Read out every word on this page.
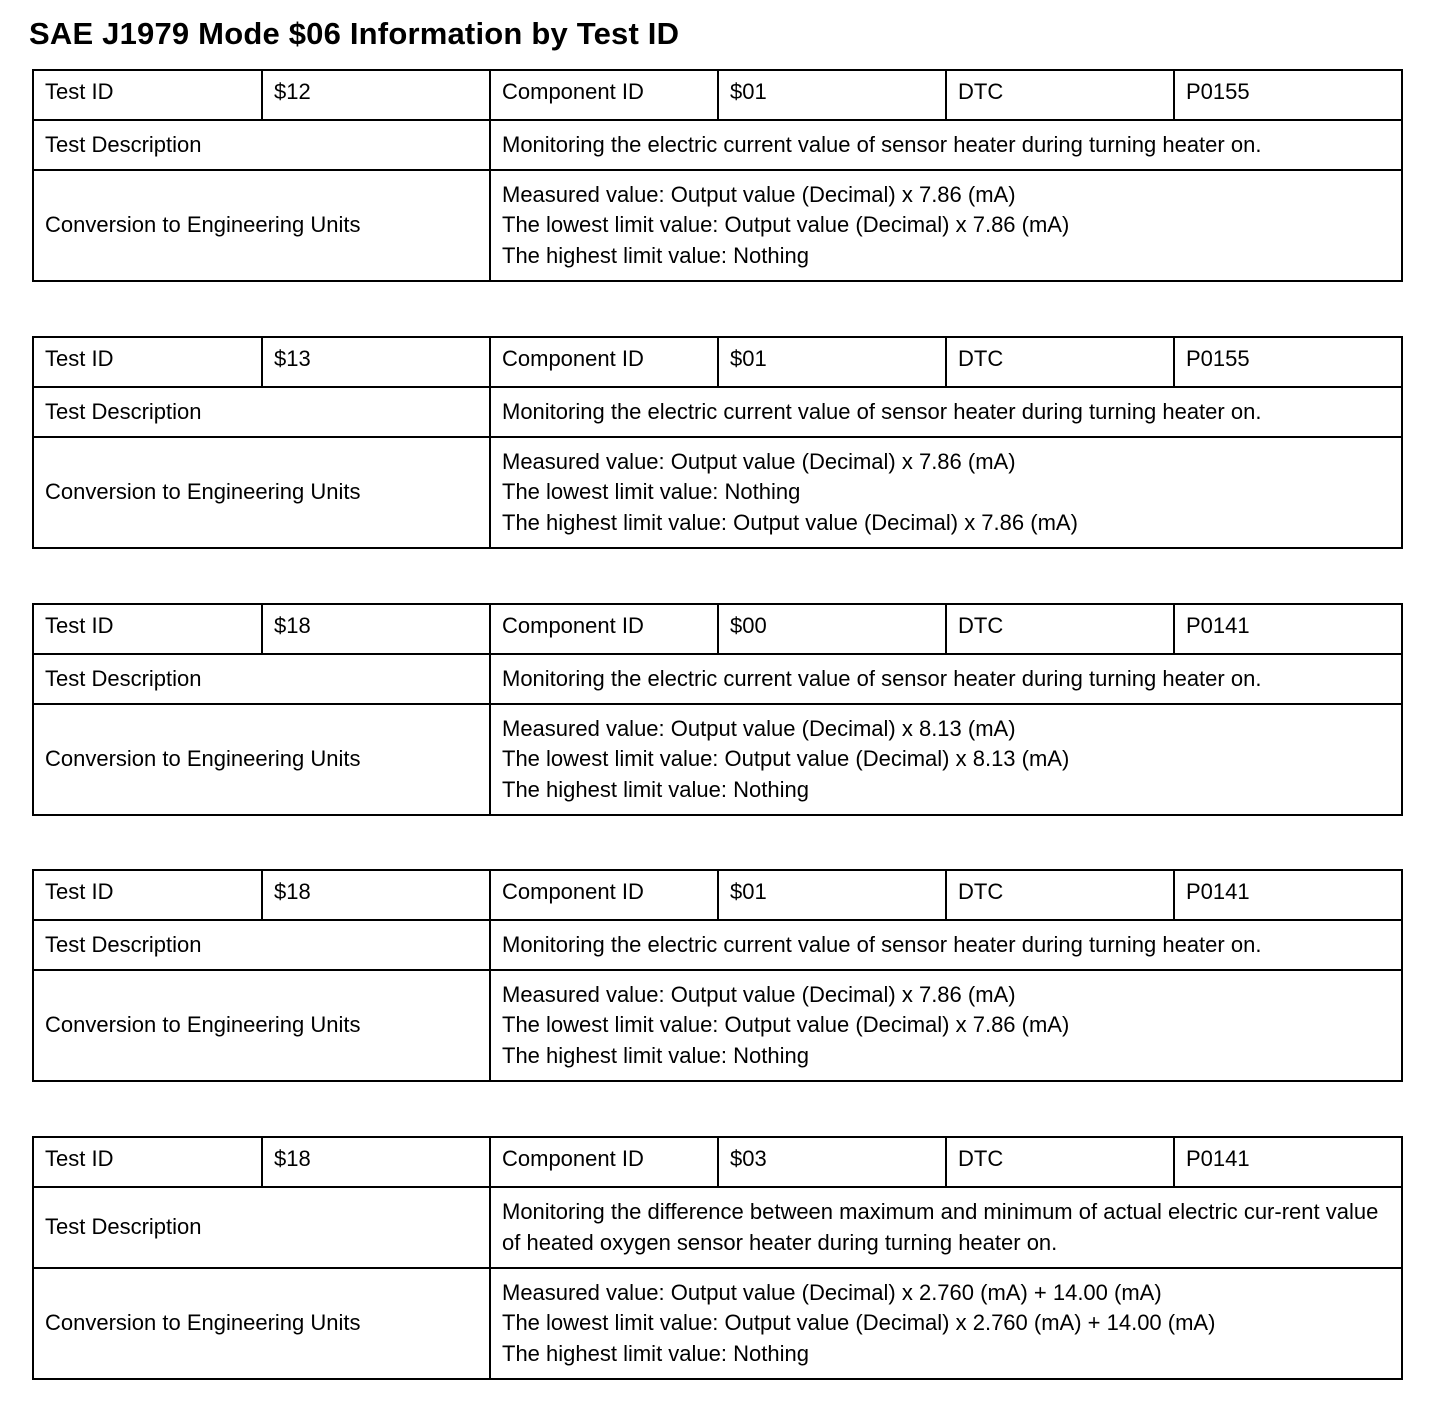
SAE J1979 Mode $06 Information by Test ID
Test ID	$12	Component ID	$01	DTC	P0155
Test Description		Monitoring the electric current value of sensor heater during turning heater on.			

Conversion to Engineering Units		Measured value: Output value (Decimal) x 7.86 (mA)
The lowest limit value: Output value (Decimal) x 7.86 (mA)
The highest limit value: Nothing			
Test ID	$13	Component ID	$01	DTC	P0155
Test Description		Monitoring the electric current value of sensor heater during turning heater on.			

Conversion to Engineering Units		Measured value: Output value (Decimal) x 7.86 (mA)
The lowest limit value: Nothing
The highest limit value: Output value (Decimal) x 7.86 (mA)			
Test ID	$18	Component ID	$00	DTC	P0141
Test Description		Monitoring the electric current value of sensor heater during turning heater on.			

Conversion to Engineering Units		Measured value: Output value (Decimal) x 8.13 (mA)
The lowest limit value: Output value (Decimal) x 8.13 (mA)
The highest limit value: Nothing			
Test ID	$18	Component ID	$01	DTC	P0141
Test Description		Monitoring the electric current value of sensor heater during turning heater on.			

Conversion to Engineering Units		Measured value: Output value (Decimal) x 7.86 (mA)
The lowest limit value: Output value (Decimal) x 7.86 (mA)
The highest limit value: Nothing			
Test ID	$18	Component ID	$03	DTC	P0141
Test Description		Monitoring the difference between maximum and minimum of actual electric cur-rent value of heated oxygen sensor heater during turning heater on.			

Conversion to Engineering Units		Measured value: Output value (Decimal) x 2.760 (mA) + 14.00 (mA)
The lowest limit value: Output value (Decimal) x 2.760 (mA) + 14.00 (mA)
The highest limit value: Nothing			
